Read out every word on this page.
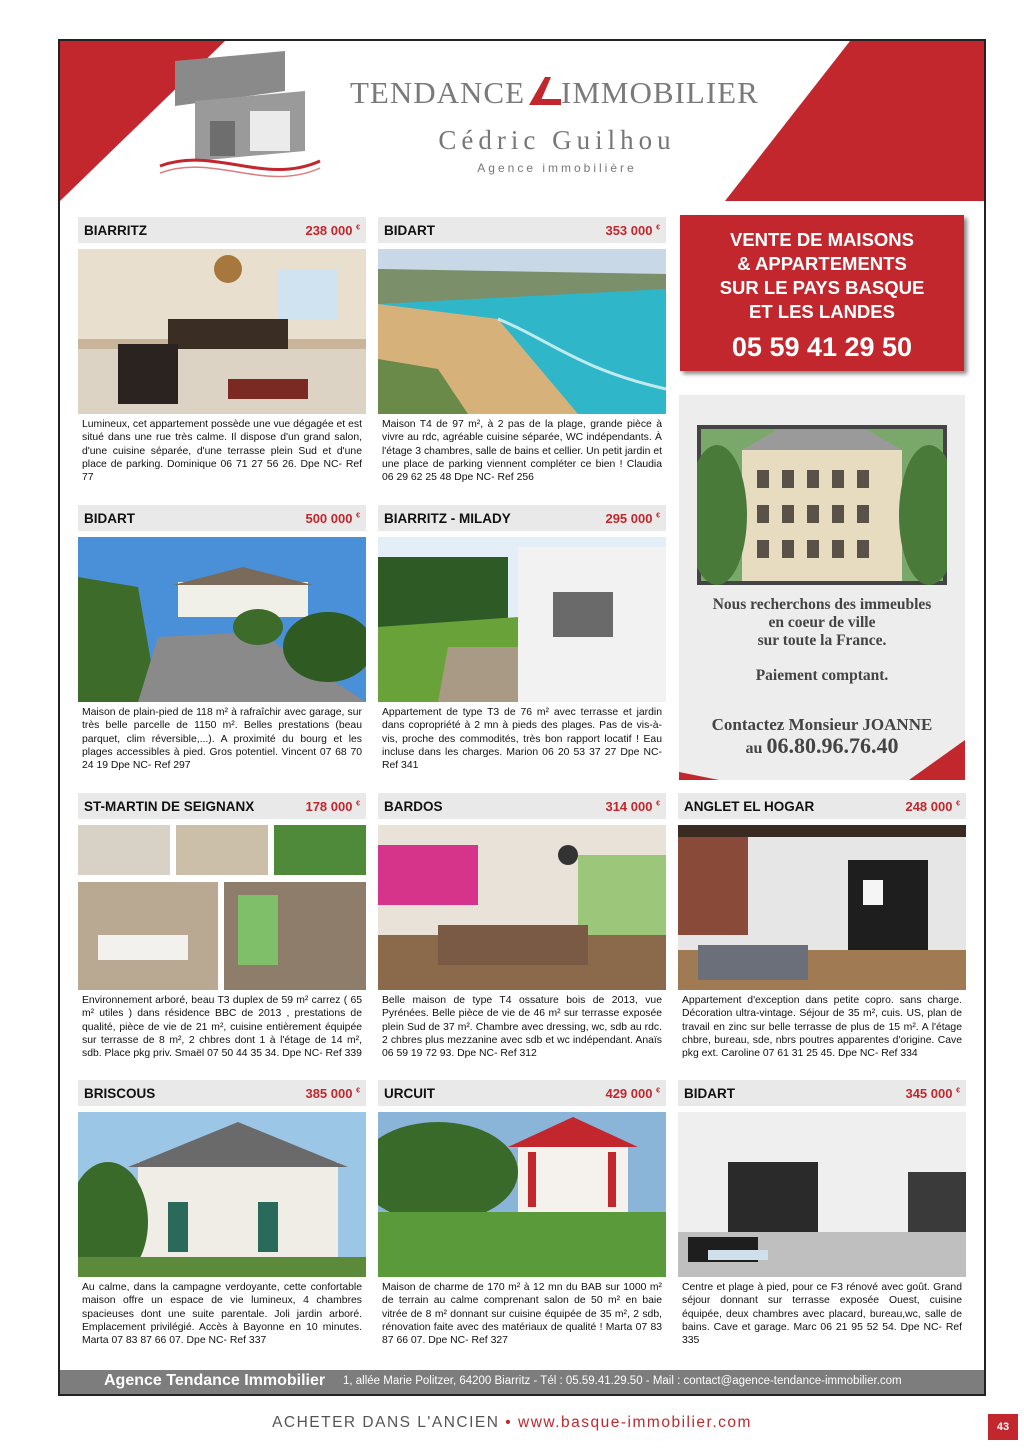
TENDANCE IMMOBILIER
Cédric Guilhou
Agence immobilière
BIARRITZ	238 000 €
Lumineux, cet appartement possède une vue dégagée et est situé dans une rue très calme. Il dispose d'un grand salon, d'une cuisine séparée, d'une terrasse plein Sud et d'une place de parking. Dominique 06 71 27 56 26. Dpe NC- Ref 77
BIDART	353 000 €
Maison T4 de 97 m², à 2 pas de la plage, grande pièce à vivre au rdc, agréable cuisine séparée, WC indépendants. À l'étage 3 chambres, salle de bains et cellier. Un petit jardin et une place de parking viennent compléter ce bien ! Claudia 06 29 62 25 48 Dpe NC- Ref 256
BIDART	500 000 €
Maison de plain-pied de 118 m² à rafraîchir avec garage, sur très belle parcelle de 1150 m². Belles prestations (beau parquet, clim réversible,...). A proximité du bourg et les plages accessibles à pied. Gros potentiel. Vincent 07 68 70 24 19 Dpe NC- Ref 297
BIARRITZ - MILADY	295 000 €
Appartement de type T3 de 76 m² avec terrasse et jardin dans copropriété à 2 mn à pieds des plages. Pas de vis-à-vis, proche des commodités, très bon rapport locatif ! Eau incluse dans les charges. Marion 06 20 53 37 27 Dpe NC- Ref 341
ST-MARTIN DE SEIGNANX	178 000 €
Environnement arboré, beau T3 duplex de 59 m² carrez ( 65 m² utiles ) dans résidence BBC de 2013 , prestations de qualité, pièce de vie de 21 m², cuisine entièrement équipée sur terrasse de 8 m², 2 chbres dont 1 à l'étage de 14 m², sdb. Place pkg priv. Smaël 07 50 44 35 34. Dpe NC- Ref 339
BARDOS	314 000 €
Belle maison de type T4 ossature bois de 2013, vue Pyrénées. Belle pièce de vie de 46 m² sur terrasse exposée plein Sud de 37 m². Chambre avec dressing, wc, sdb au rdc. 2 chbres plus mezzanine avec sdb et wc indépendant. Anaïs 06 59 19 72 93. Dpe NC- Ref 312
ANGLET EL HOGAR	248 000 €
Appartement d'exception dans petite copro. sans charge. Décoration ultra-vintage. Séjour de 35 m², cuis. US, plan de travail en zinc sur belle terrasse de plus de 15 m². A l'étage chbre, bureau, sde, nbrs poutres apparentes d'origine. Cave pkg ext. Caroline 07 61 31 25 45. Dpe NC- Ref 334
BRISCOUS	385 000 €
Au calme, dans la campagne verdoyante, cette confortable maison offre un espace de vie lumineux, 4 chambres spacieuses dont une suite parentale. Joli jardin arboré. Emplacement privilégié. Accès à Bayonne en 10 minutes. Marta 07 83 87 66 07. Dpe NC- Ref 337
URCUIT	429 000 €
Maison de charme de 170 m² à 12 mn du BAB sur 1000 m² de terrain au calme comprenant salon de 50 m² en baie vitrée de 8 m² donnant sur cuisine équipée de 35 m², 2 sdb, rénovation faite avec des matériaux de qualité ! Marta 07 83 87 66 07. Dpe NC- Ref 327
BIDART	345 000 €
Centre et plage à pied, pour ce F3 rénové avec goût. Grand séjour donnant sur terrasse exposée Ouest, cuisine équipée, deux chambres avec placard, bureau,wc, salle de bains. Cave et garage. Marc 06 21 95 52 54. Dpe NC- Ref 335
VENTE DE MAISONS
& APPARTEMENTS
SUR LE PAYS BASQUE
ET LES LANDES
05 59 41 29 50
Nous recherchons des immeubles
en coeur de ville
sur toute la France.
Paiement comptant.
Contactez Monsieur JOANNE
au 06.80.96.76.40
Agence Tendance Immobilier 1, allée Marie Politzer, 64200 Biarritz - Tél : 05.59.41.29.50 - Mail : contact@agence-tendance-immobilier.com
ACHETER DANS L'ANCIEN • www.basque-immobilier.com	43
